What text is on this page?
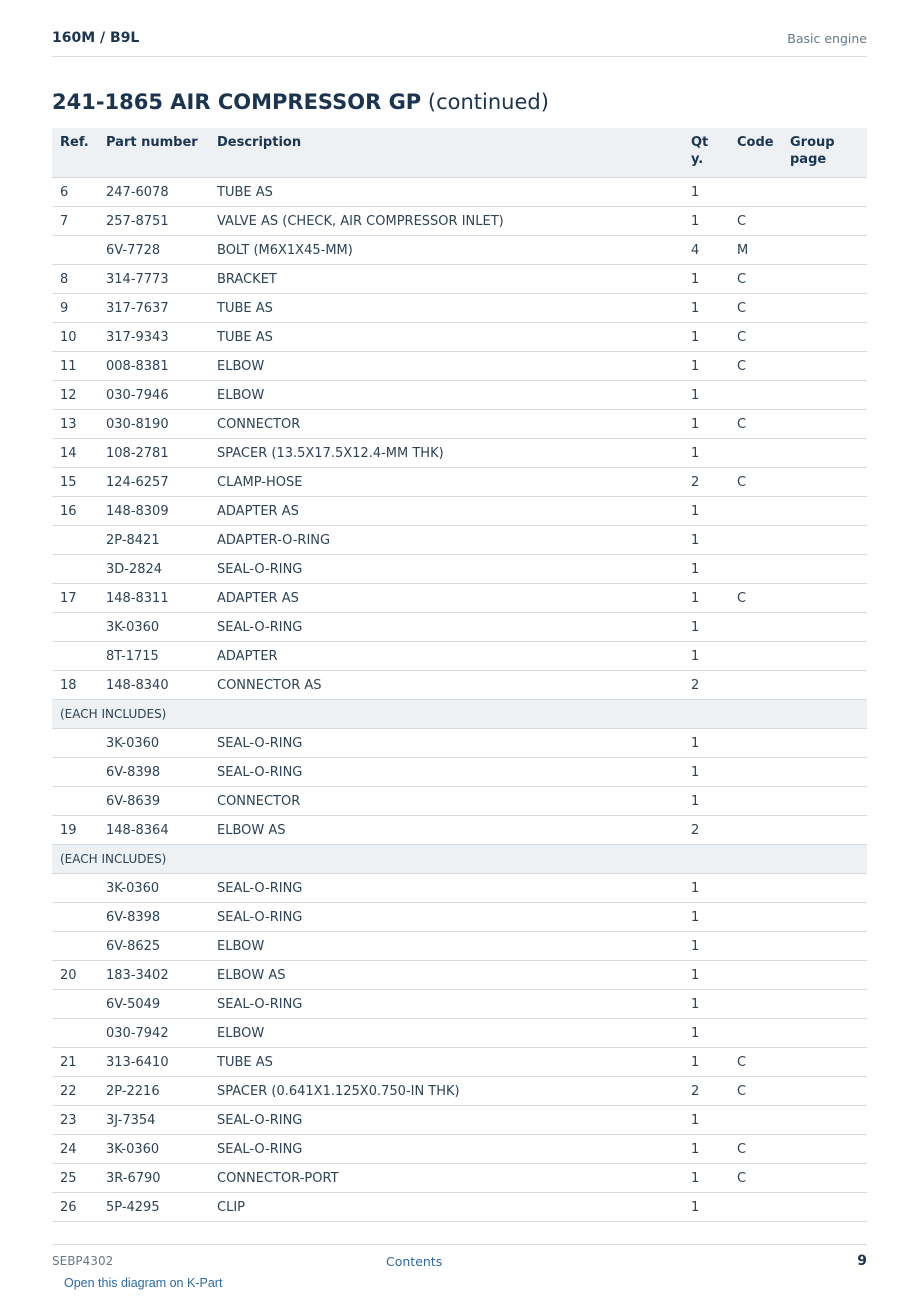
160M / B9L	Basic engine
241-1865 AIR COMPRESSOR GP (continued)
Ref.	Part number	Description	Qty.	Code	Group page
6	247-6078	TUBE AS	1		
7	257-8751	VALVE AS (CHECK, AIR COMPRESSOR INLET)	1	C	
	6V-7728	BOLT (M6X1X45-MM)	4	M	
8	314-7773	BRACKET	1	C	
9	317-7637	TUBE AS	1	C	
10	317-9343	TUBE AS	1	C	
11	008-8381	ELBOW	1	C	
12	030-7946	ELBOW	1		
13	030-8190	CONNECTOR	1	C	
14	108-2781	SPACER (13.5X17.5X12.4-MM THK)	1		
15	124-6257	CLAMP-HOSE	2	C	
16	148-8309	ADAPTER AS	1		
	2P-8421	ADAPTER-O-RING	1		
	3D-2824	SEAL-O-RING	1		
17	148-8311	ADAPTER AS	1	C	
	3K-0360	SEAL-O-RING	1		
	8T-1715	ADAPTER	1		
18	148-8340	CONNECTOR AS	2		
(EACH INCLUDES)					
	3K-0360	SEAL-O-RING	1		
	6V-8398	SEAL-O-RING	1		
	6V-8639	CONNECTOR	1		
19	148-8364	ELBOW AS	2		
(EACH INCLUDES)					
	3K-0360	SEAL-O-RING	1		
	6V-8398	SEAL-O-RING	1		
	6V-8625	ELBOW	1		
20	183-3402	ELBOW AS	1		
	6V-5049	SEAL-O-RING	1		
	030-7942	ELBOW	1		
21	313-6410	TUBE AS	1	C	
22	2P-2216	SPACER (0.641X1.125X0.750-IN THK)	2	C	
23	3J-7354	SEAL-O-RING	1		
24	3K-0360	SEAL-O-RING	1	C	
25	3R-6790	CONNECTOR-PORT	1	C	
26	5P-4295	CLIP	1		
SEBP4302	Contents	9
Open this diagram on K-Part
